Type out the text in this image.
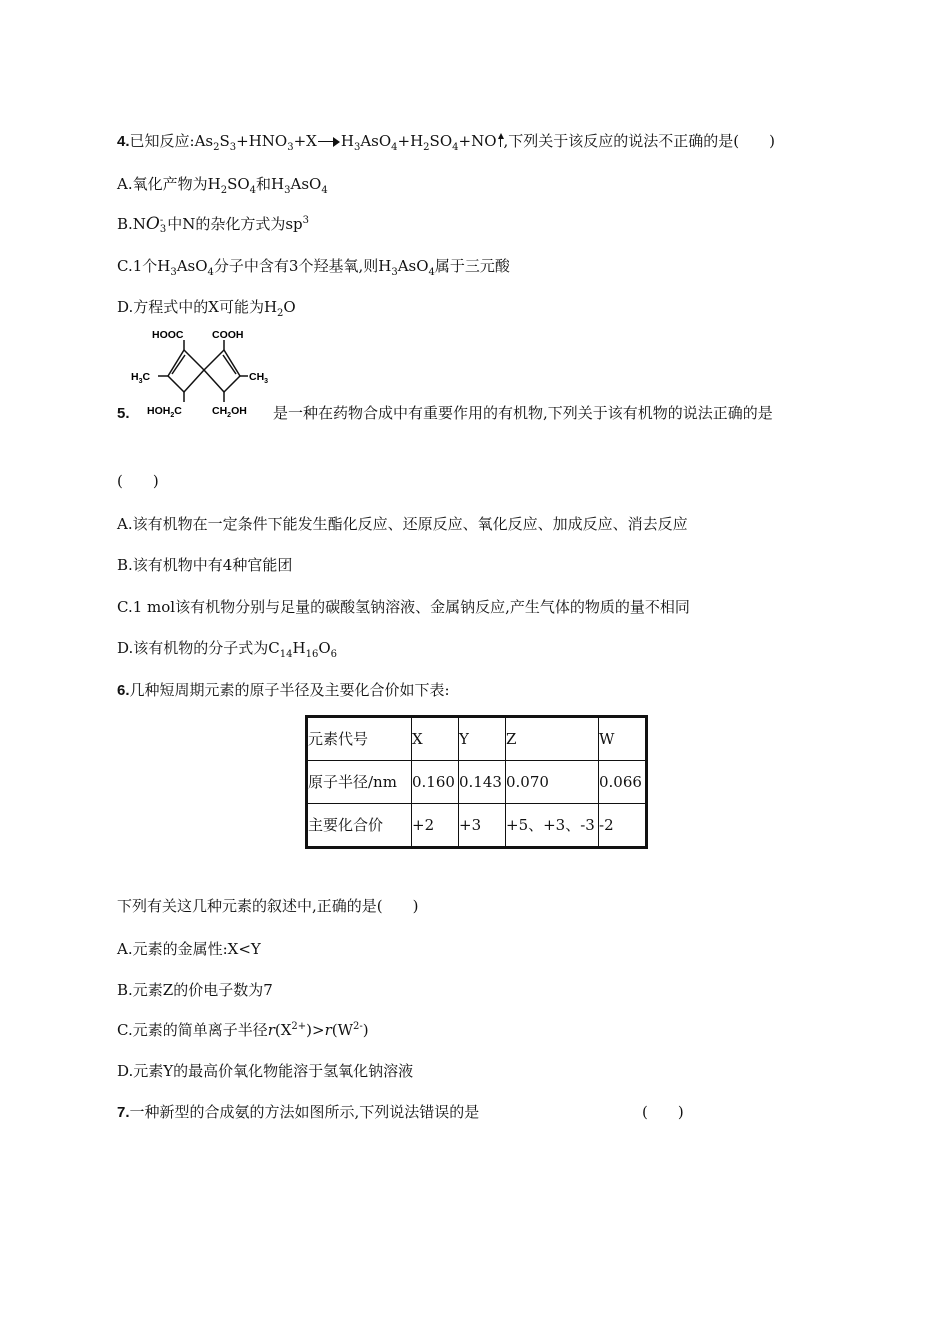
4.已知反应$:As_2S_3+HNO_3+X$ $H_3AsO_4+H_2SO_4+NO$ ,下列关于该反应的说法不正确的是(　　)
A.氧化产物为$H_2SO_4$和$H_3AsO_4$
B.NO -
3 中N的杂化方式为$sp^3$
C.1个$H_3AsO_4$分子中含有3个羟基氧,则$H_3AsO_4$属于三元酸
D.方程式中的X可能为$H_2O$
HOOC	COOH
$H_3C$	$CH_3$
$HOH_2C$	$CH_2OH$
5.	是一种在药物合成中有重要作用的有机物,下列关于该有机物的说法正确的是
(　　)
A.该有机物在一定条件下能发生酯化反应、还原反应、氧化反应、加成反应、消去反应
B.该有机物中有4种官能团
C.1 mol该有机物分别与足量的碳酸氢钠溶液、金属钠反应,产生气体的物质的量不相同
D.该有机物的分子式为$C_{14}H_{16}O_6$
6.几种短周期元素的原子半径及主要化合价如下表:
元素代号	X	Y	Z	W
原子半径/nm	0.160	0.143	0.070	0.066
主要化合价	+2	+3	+5、+3、-3	-2
下列有关这几种元素的叙述中,正确的是(　　)
A.元素的金属性:X<Y
B.元素Z的价电子数为7
C.元素的简单离子半径$r(X^{2+})>r(W^{2-})$
D.元素Y的最高价氧化物能溶于氢氧化钠溶液
7.一种新型的合成氨的方法如图所示,下列说法错误的是	(　　)
